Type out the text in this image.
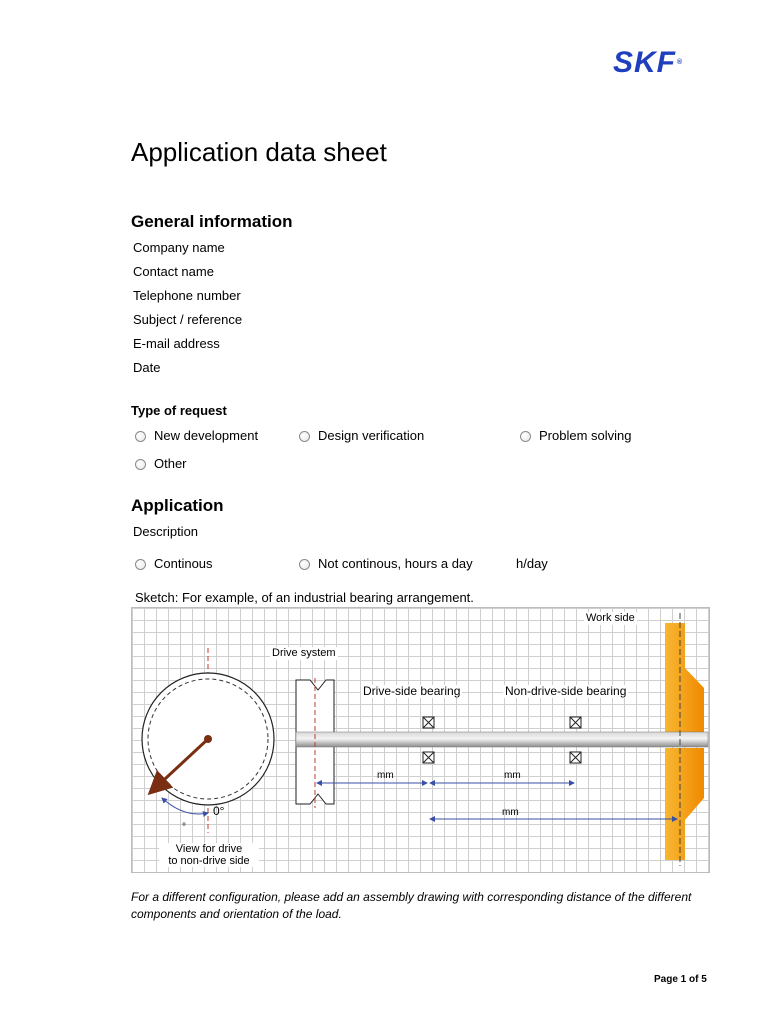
SKF®
Application data sheet
General information
Company name
Contact name
Telephone number
Subject / reference
E-mail address
Date
Type of request
New development	Design verification	Problem solving
Other
Application
Description
Continous	Not continous, hours a day	h/day
Sketch: For example, of an industrial bearing arrangement.
Work side
Drive system
Drive-side bearing	Non-drive-side bearing
mm	mm
mm
0°
°
View for drive
to non-drive side
For a different configuration, please add an assembly drawing with corresponding distance of the different components and orientation of the load.
Page 1 of 5
